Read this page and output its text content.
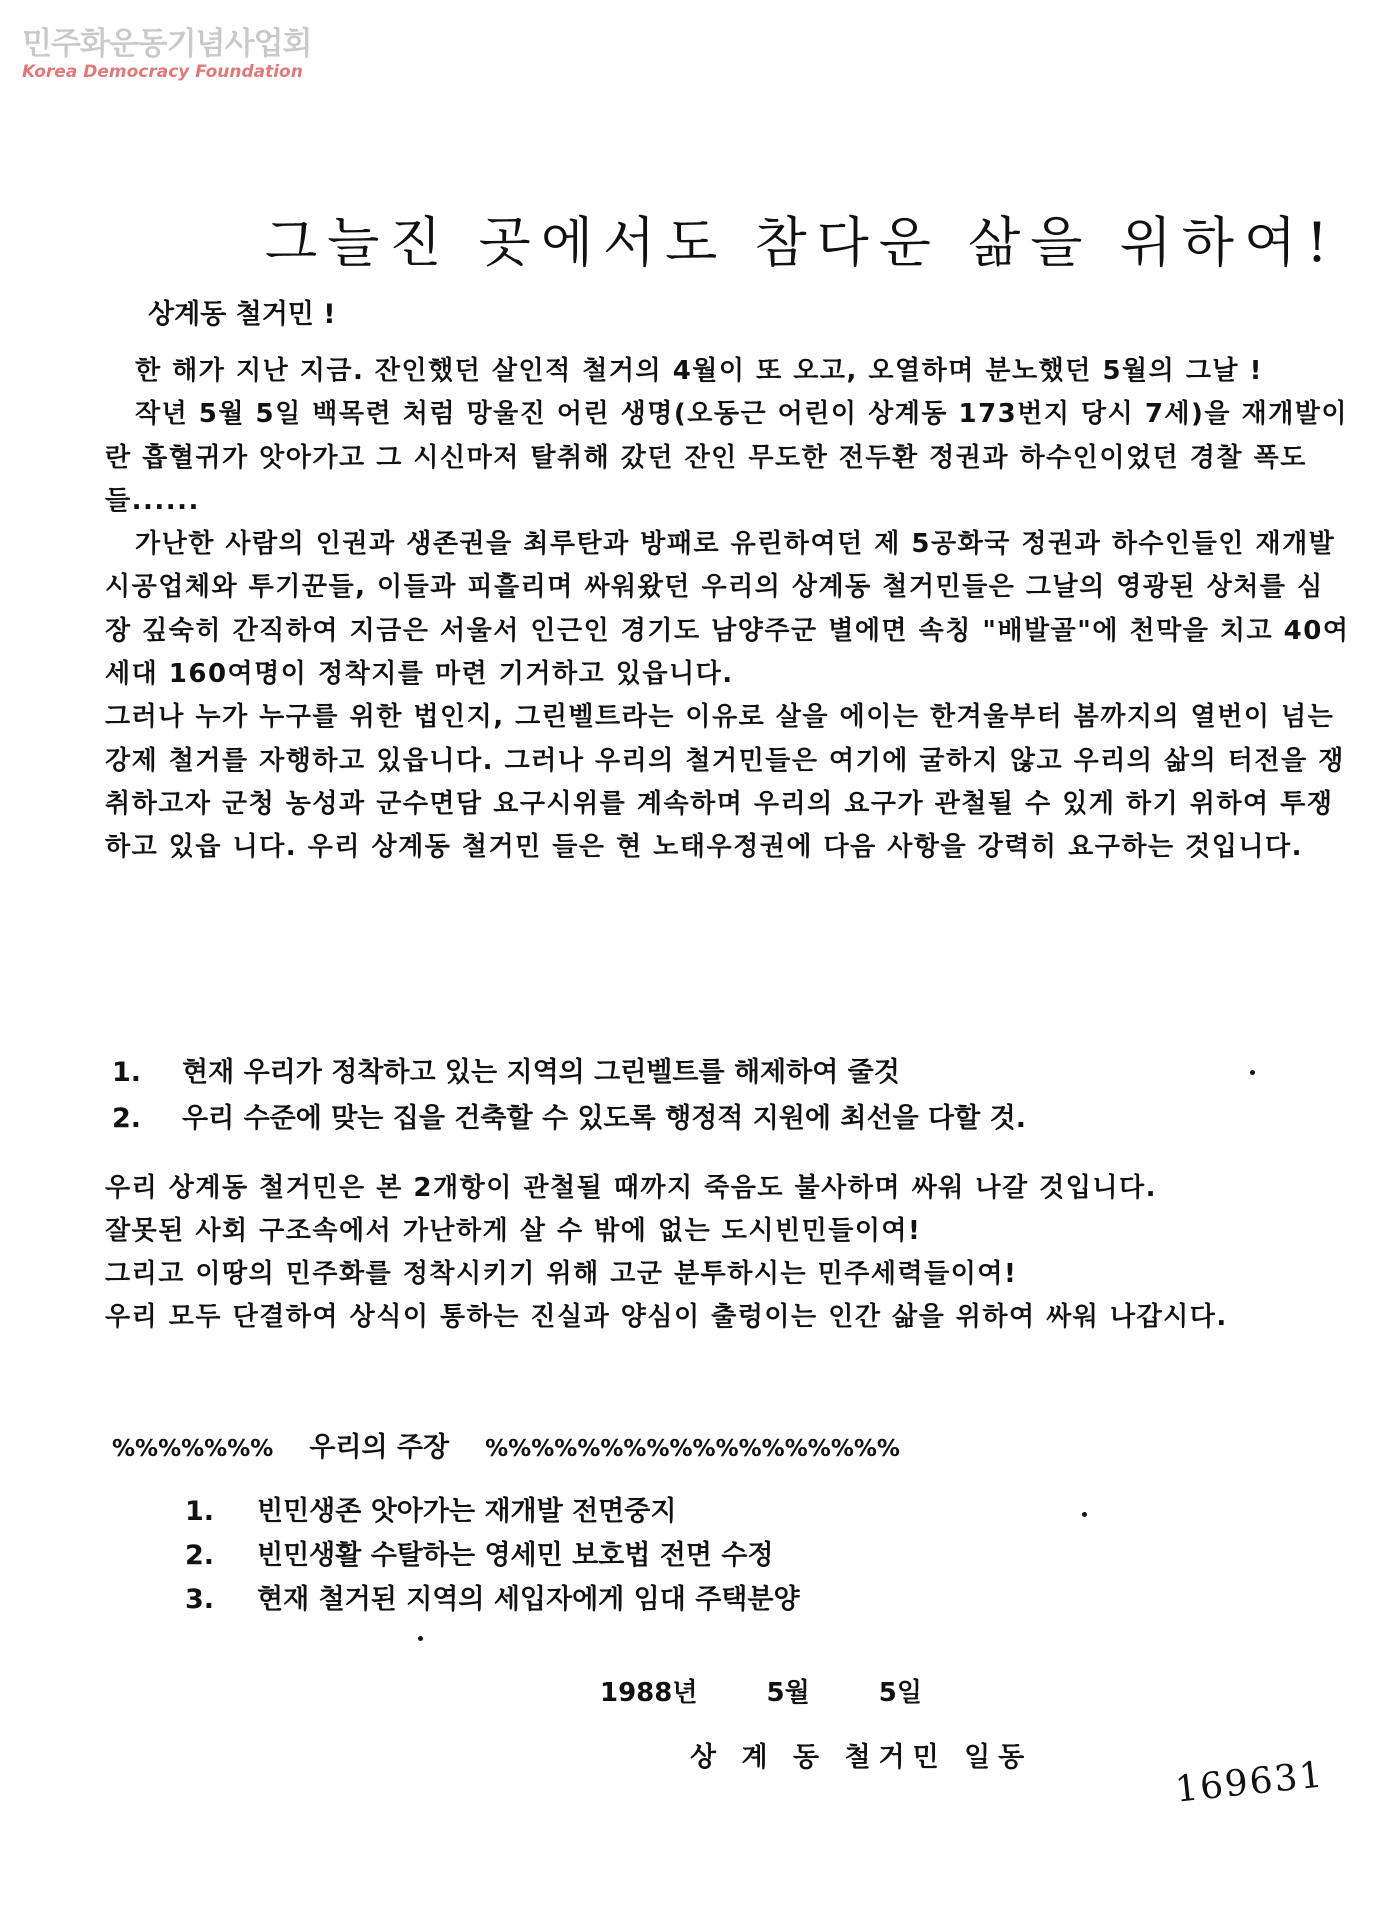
민주화운동기념사업회
Korea Democracy Foundation
그늘진 곳에서도 참다운 삶을 위하여!
상계동 철거민 !

한 해가 지난 지금. 잔인했던 살인적 철거의 4월이 또 오고, 오열하며 분노했던 5월의 그날 !

작년 5월 5일 백목련 처럼 망울진 어린 생명(오동근 어린이 상계동 173번지 당시 7세)을 재개발이란 흡혈귀가 앗아가고 그 시신마저 탈취해 갔던 잔인 무도한 전두환 정권과 하수인이었던 경찰 폭도들......

가난한 사람의 인권과 생존권을 최루탄과 방패로 유린하여던 제 5공화국 정권과 하수인들인 재개발 시공업체와 투기꾼들, 이들과 피흘리며 싸워왔던 우리의 상계동 철거민들은 그날의 영광된 상처를 심장 깊숙히 간직하여 지금은 서울서 인근인 경기도 남양주군 별에면 속칭 "배발골"에 천막을 치고 40여 세대 160여명이 정착지를 마련 기거하고 있읍니다.

그러나 누가 누구를 위한 법인지, 그린벨트라는 이유로 살을 에이는 한겨울부터 봄까지의 열번이 넘는 강제 철거를 자행하고 있읍니다. 그러나 우리의 철거민들은 여기에 굴하지 않고 우리의 삶의 터전을 쟁취하고자 군청 농성과 군수면담 요구시위를 계속하며 우리의 요구가 관철될 수 있게 하기 위하여 투쟁하고 있읍 니다. 우리 상계동 철거민 들은 현 노태우정권에 다음 사항을 강력히 요구하는 것입니다.

1. 현재 우리가 정착하고 있는 지역의 그린벨트를 해제하여 줄것
2. 우리 수준에 맞는 집을 건축할 수 있도록 행정적 지원에 최선을 다할 것.

우리 상계동 철거민은 본 2개항이 관철될 때까지 죽음도 불사하며 싸워 나갈 것입니다.

잘못된 사회 구조속에서 가난하게 살 수 밖에 없는 도시빈민들이여!

그리고 이땅의 민주화를 정착시키기 위해 고군 분투하시는 민주세력들이여!

우리 모두 단결하여 상식이 통하는 진실과 양심이 출렁이는 인간 삶을 위하여 싸워 나갑시다.

%%%%%%% 우리의 주장 %%%%%%%%%%%%%%%%%%
1. 빈민생존 앗아가는 재개발 전면중지
2. 빈민생활 수탈하는 영세민 보호법 전면 수정
3. 현재 철거된 지역의 세입자에게 임대 주택분양
1988년 5월 5일
상 계 동 철거민 일동	169631
